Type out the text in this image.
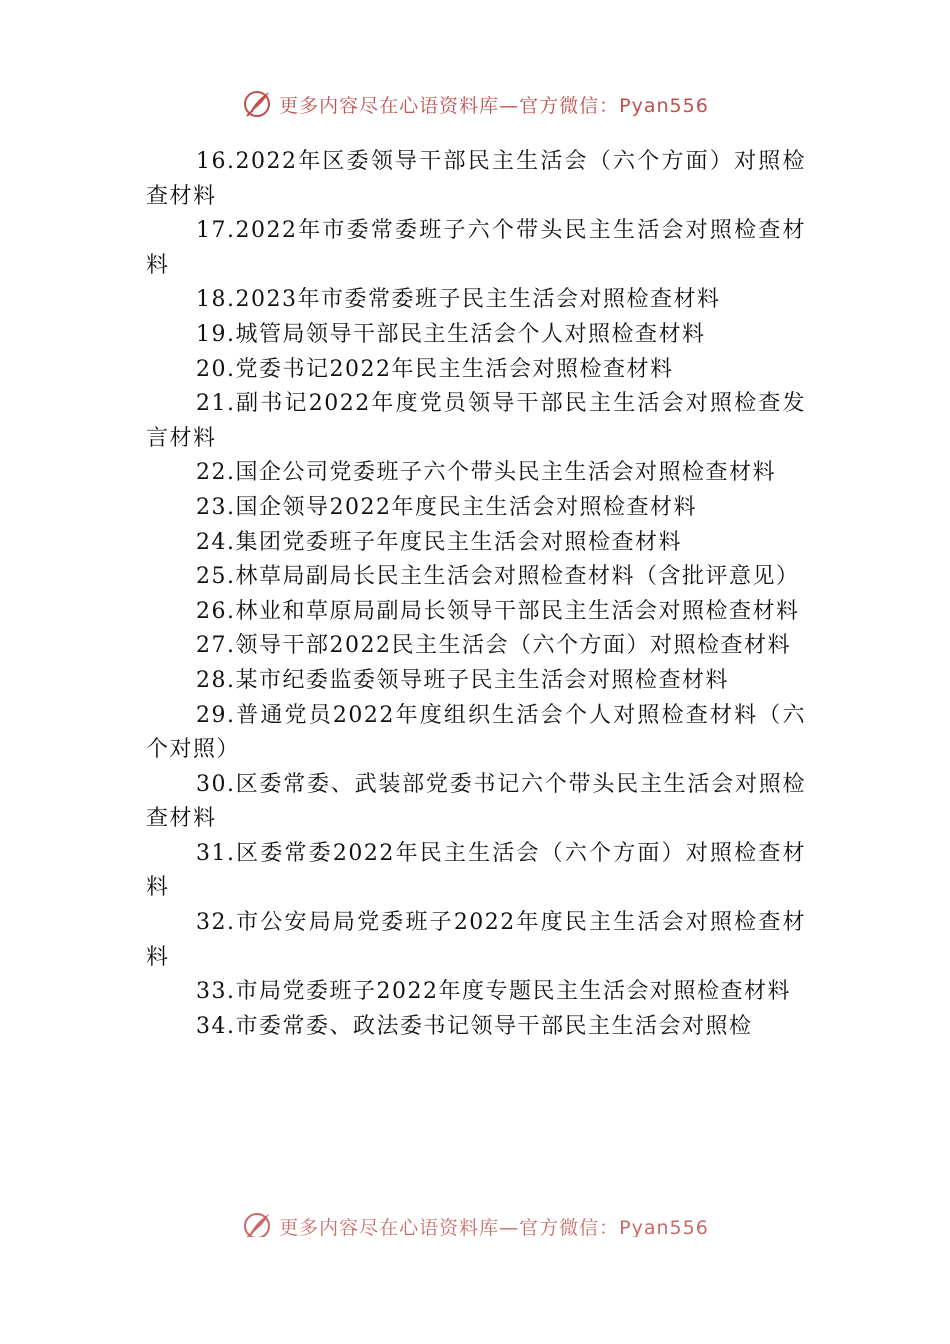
更多内容尽在心语资料库—官方微信：Pyan556

16.2022年区委领导干部民主生活会（六个方面）对照检查材料

17.2022年市委常委班子六个带头民主生活会对照检查材料

18.2023年市委常委班子民主生活会对照检查材料

19.城管局领导干部民主生活会个人对照检查材料

20.党委书记2022年民主生活会对照检查材料

21.副书记2022年度党员领导干部民主生活会对照检查发言材料

22.国企公司党委班子六个带头民主生活会对照检查材料

23.国企领导2022年度民主生活会对照检查材料

24.集团党委班子年度民主生活会对照检查材料

25.林草局副局长民主生活会对照检查材料（含批评意见）

26.林业和草原局副局长领导干部民主生活会对照检查材料

27.领导干部2022民主生活会（六个方面）对照检查材料

28.某市纪委监委领导班子民主生活会对照检查材料

29.普通党员2022年度组织生活会个人对照检查材料（六个对照）

30.区委常委、武装部党委书记六个带头民主生活会对照检查材料

31.区委常委2022年民主生活会（六个方面）对照检查材料

32.市公安局局党委班子2022年度民主生活会对照检查材料

33.市局党委班子2022年度专题民主生活会对照检查材料

34.市委常委、政法委书记领导干部民主生活会对照检

更多内容尽在心语资料库—官方微信：Pyan556
